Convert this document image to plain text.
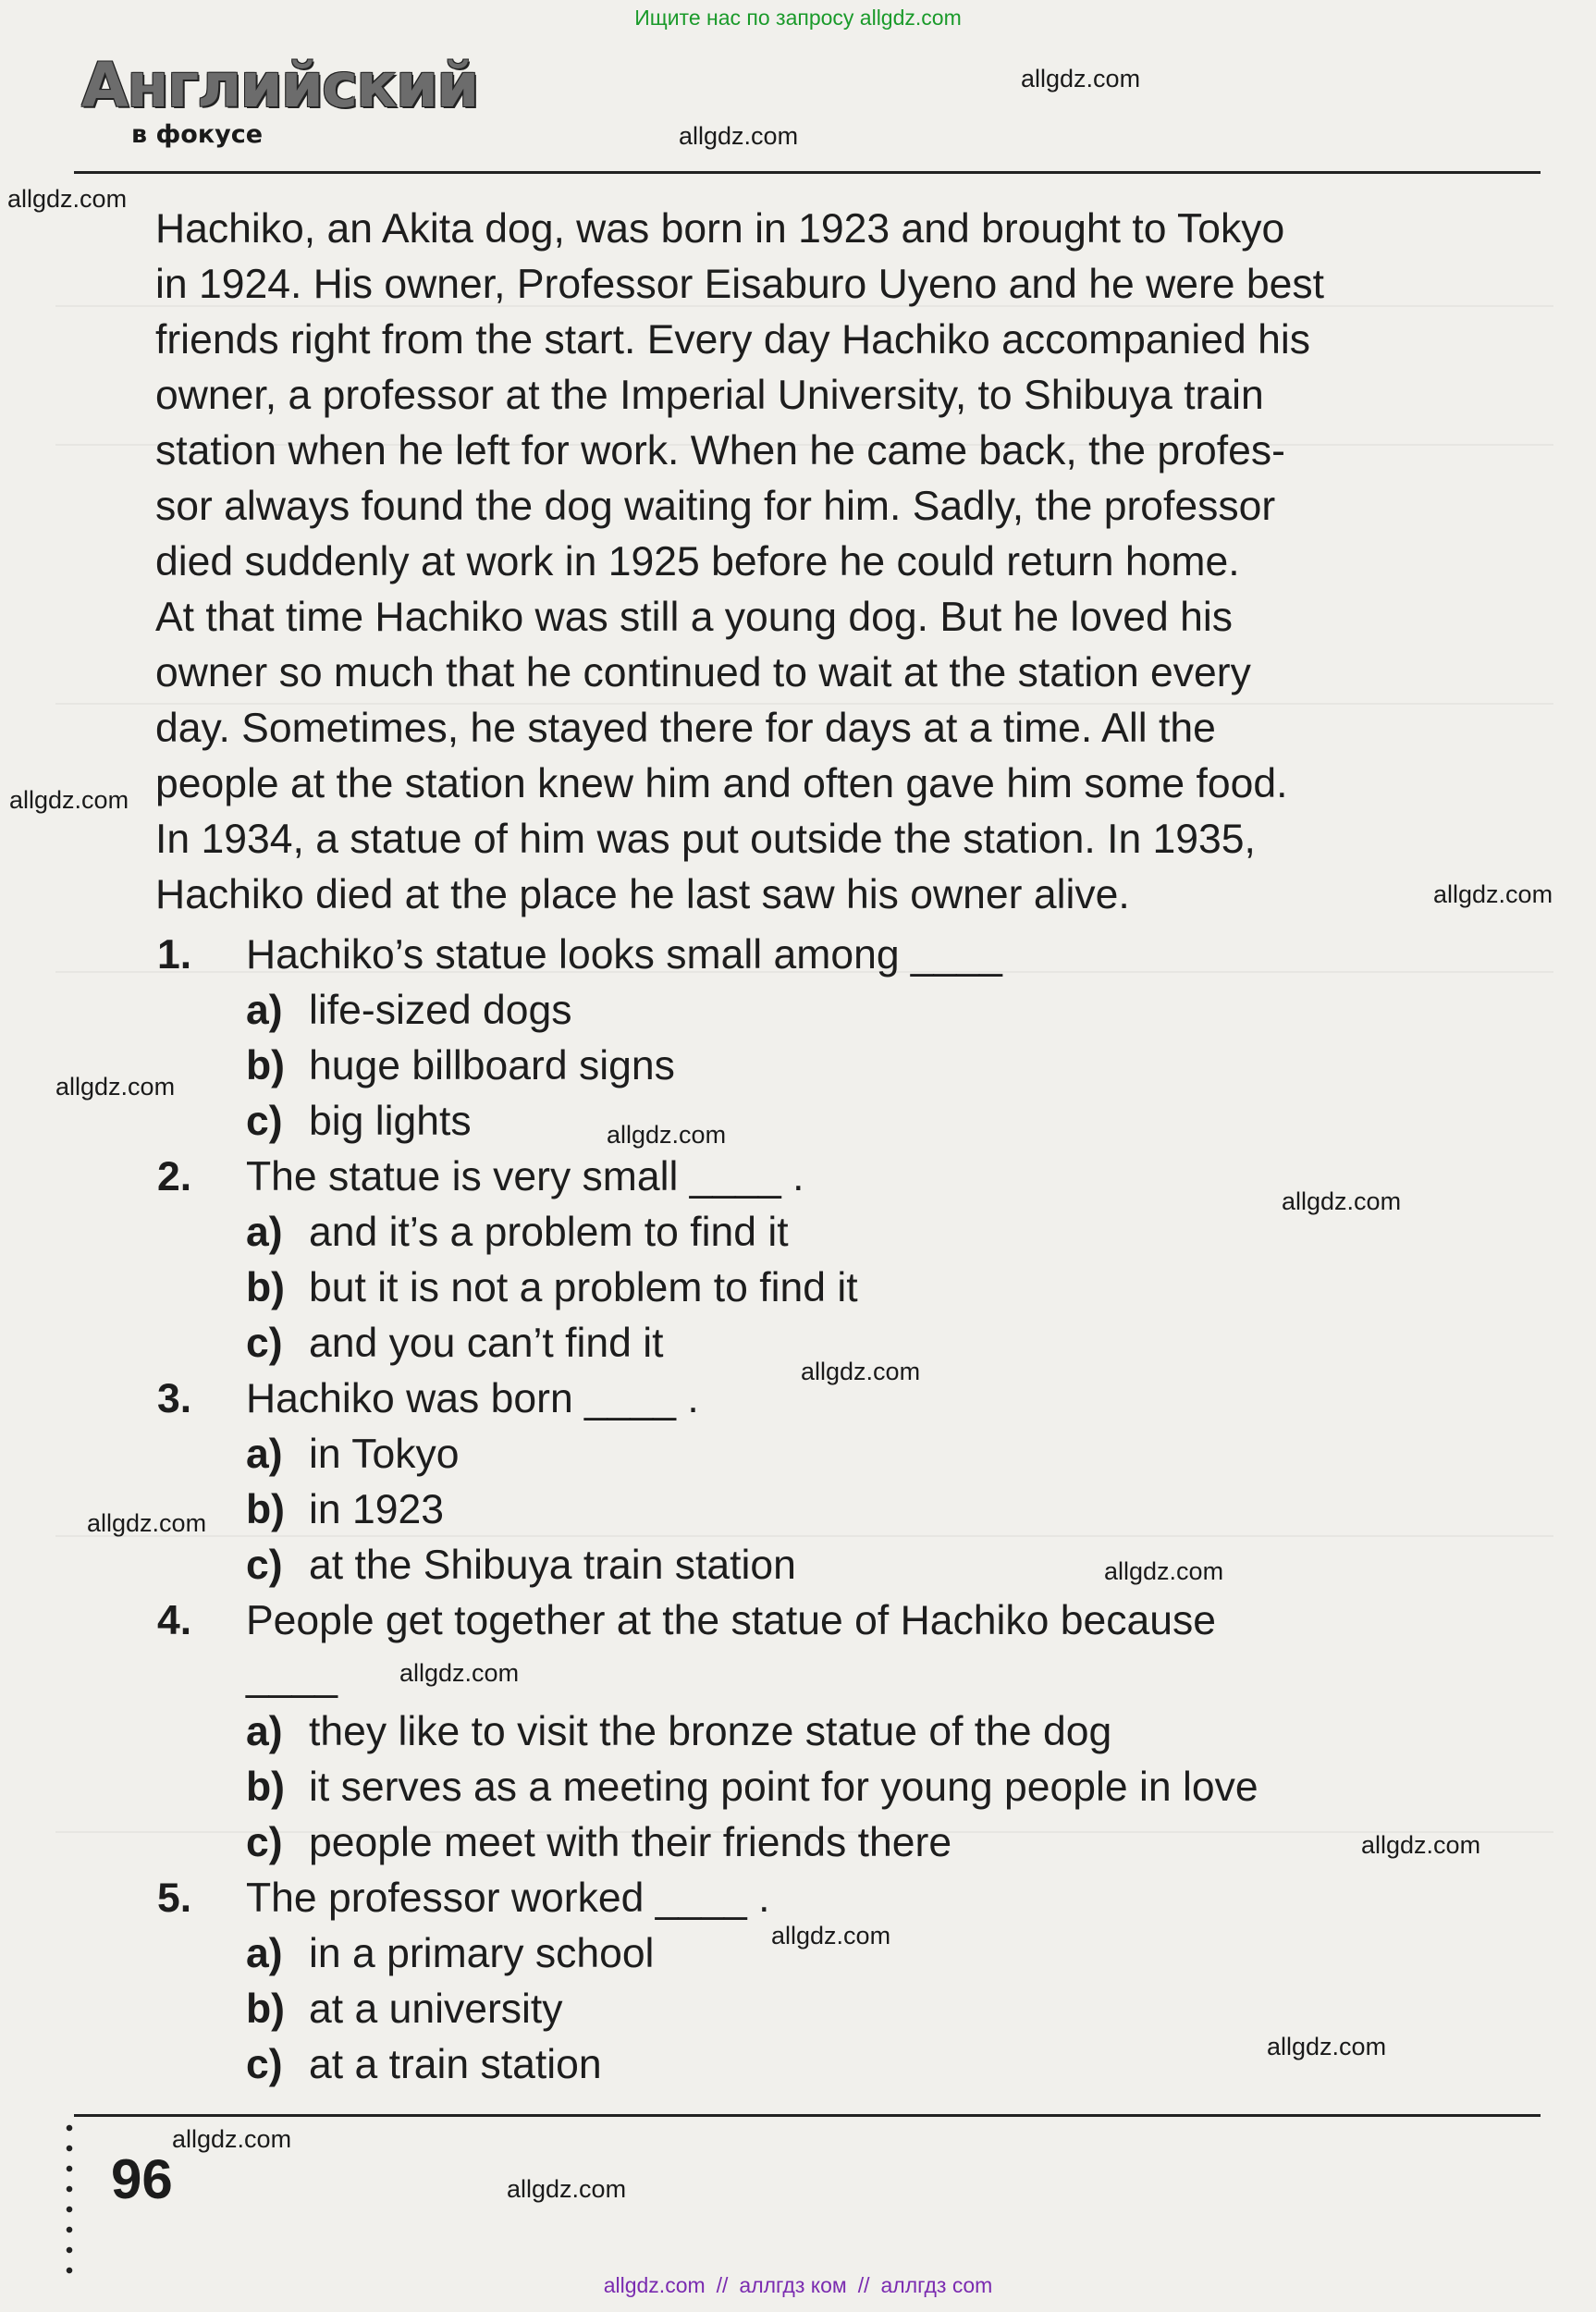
Ищите нас по запросу allgdz.com
Английский
в фокусе
Hachiko, an Akita dog, was born in 1923 and brought to Tokyo
in 1924. His owner, Professor Eisaburo Uyeno and he were best
friends right from the start. Every day Hachiko accompanied his
owner, a professor at the Imperial University, to Shibuya train
station when he left for work. When he came back, the profes-
sor always found the dog waiting for him. Sadly, the professor
died suddenly at work in 1925 before he could return home.
At that time Hachiko was still a young dog. But he loved his
owner so much that he continued to wait at the station every
day. Sometimes, he stayed there for days at a time. All the
people at the station knew him and often gave him some food.
In 1934, a statue of him was put outside the station. In 1935,
Hachiko died at the place he last saw his owner alive.
1. Hachiko’s statue looks small among ____
a) life-sized dogs
b) huge billboard signs
c) big lights
2. The statue is very small ____ .
a) and it’s a problem to find it
b) but it is not a problem to find it
c) and you can’t find it
3. Hachiko was born ____ .
a) in Tokyo
b) in 1923
c) at the Shibuya train station
4. People get together at the statue of Hachiko because
____
a) they like to visit the bronze statue of the dog
b) it serves as a meeting point for young people in love
c) people meet with their friends there
5. The professor worked ____ .
a) in a primary school
b) at a university
c) at a train station
96
allgdz.com
allgdz.com
allgdz.com
allgdz.com
allgdz.com
allgdz.com
allgdz.com
allgdz.com
allgdz.com
allgdz.com
allgdz.com
allgdz.com
allgdz.com
allgdz.com
allgdz.com
allgdz.com
allgdz.com
allgdz.com // аллгдз ком // аллгдз com
